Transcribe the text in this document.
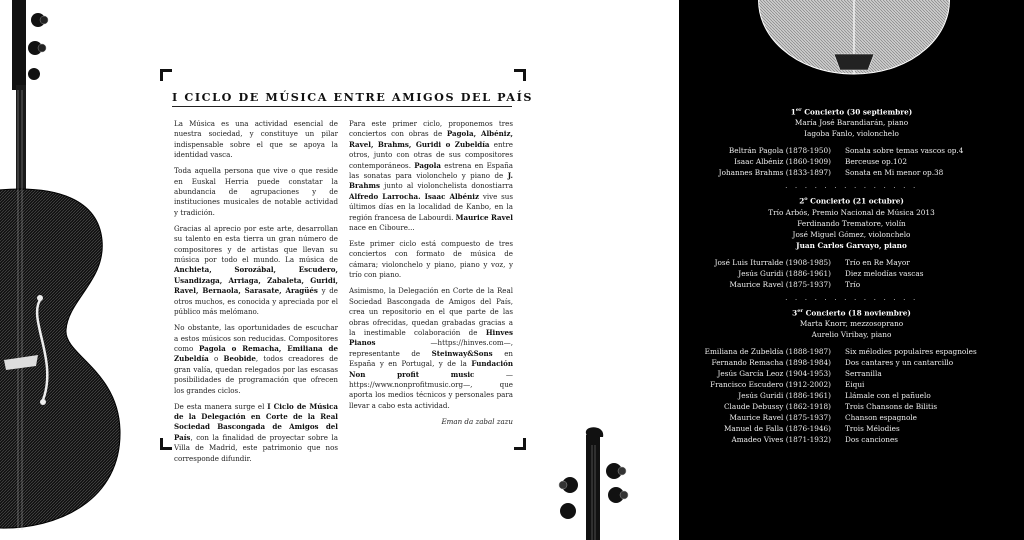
I CICLO DE MÚSICA ENTRE AMIGOS DEL PAÍS

La Música es una actividad esencial de nuestra sociedad, y constituye un pilar indispensable sobre el que se apoya la identidad vasca.

Toda aquella persona que vive o que reside en Euskal Herria puede constatar la abundancia de agrupaciones y de instituciones musicales de notable actividad y tradición.

Gracias al aprecio por este arte, desarrollan su talento en esta tierra un gran número de compositores y de artistas que llevan su música por todo el mundo. La música de Anchieta, Sorozábal, Escudero, Usandizaga, Arriaga, Zabaleta, Guridi, Ravel, Bernaola, Sarasate, Aragüés y de otros muchos, es conocida y apreciada por el público más melómano.

No obstante, las oportunidades de escuchar a estos músicos son reducidas. Compositores como Pagola o Remacha, Emiliana de Zubeldía o Beobide, todos creadores de gran valía, quedan relegados por las escasas posibilidades de programación que ofrecen los grandes ciclos.

De esta manera surge el I Ciclo de Música de la Delegación en Corte de la Real Sociedad Bascongada de Amigos del País, con la finalidad de proyectar sobre la Villa de Madrid, este patrimonio que nos corresponde difundir.

Para este primer ciclo, proponemos tres conciertos con obras de Pagola, Albéniz, Ravel, Brahms, Guridi o Zubeldía entre otros, junto con otras de sus compositores contemporáneos. Pagola estrena en España las sonatas para violonchelo y piano de J. Brahms junto al violonchelista donostiarra Alfredo Larrocha. Isaac Albéniz vive sus últimos días en la localidad de Kanbo, en la región francesa de Labourdi. Maurice Ravel nace en Ciboure...

Este primer ciclo está compuesto de tres conciertos con formato de música de cámara; violonchelo y piano, piano y voz, y trío con piano.

Asimismo, la Delegación en Corte de la Real Sociedad Bascongada de Amigos del País, crea un repositorio en el que parte de las obras ofrecidas, quedan grabadas gracias a la inestimable colaboración de Hinves Pianos —https://hinves.com—, representante de Steinway&Sons en España y en Portugal, y de la Fundación Non profit music —https://www.nonprofitmusic.org—, que aporta los medios técnicos y personales para llevar a cabo esta actividad.

Eman da zabal zazu

1er Concierto (30 septiembre)
María José Barandiarán, piano
Iagoba Fanlo, violonchelo
Beltrán Pagola (1878-1950)	Sonata sobre temas vascos op.4
Isaac Albéniz (1860-1909)	Berceuse op.102
Johannes Brahms (1833-1897)	Sonata en Mi menor op.38
. . . . . . . . . . . . . .
2$^o$ Concierto (21 octubre)
Trío Arbós, Premio Nacional de Música 2013
Ferdinando Trematore, violín
José Miguel Gómez, violonchelo
Juan Carlos Garvayo, piano
José Luis Iturralde (1908-1985)	Trío en Re Mayor
Jesús Guridi (1886-1961)	Diez melodías vascas
Maurice Ravel (1875-1937)	Trío
. . . . . . . . . . . . . .
3er Concierto (18 noviembre)
Marta Knorr, mezzosoprano
Aurelio Viribay, piano
Emiliana de Zubeldía (1888-1987)	Six mélodies populaires espagnoles
Fernando Remacha (1898-1984)	Dos cantares y un cantarcillo
Jesús García Leoz (1904-1953)	Serranilla
Francisco Escudero (1912-2002)	Eiqui
Jesús Guridi (1886-1961)	Llámale con el pañuelo
Claude Debussy (1862-1918)	Trois Chansons de Bilitis
Maurice Ravel (1875-1937)	Chanson espagnole
Manuel de Falla (1876-1946)	Trois Mélodies
Amadeo Vives (1871-1932)	Dos canciones
